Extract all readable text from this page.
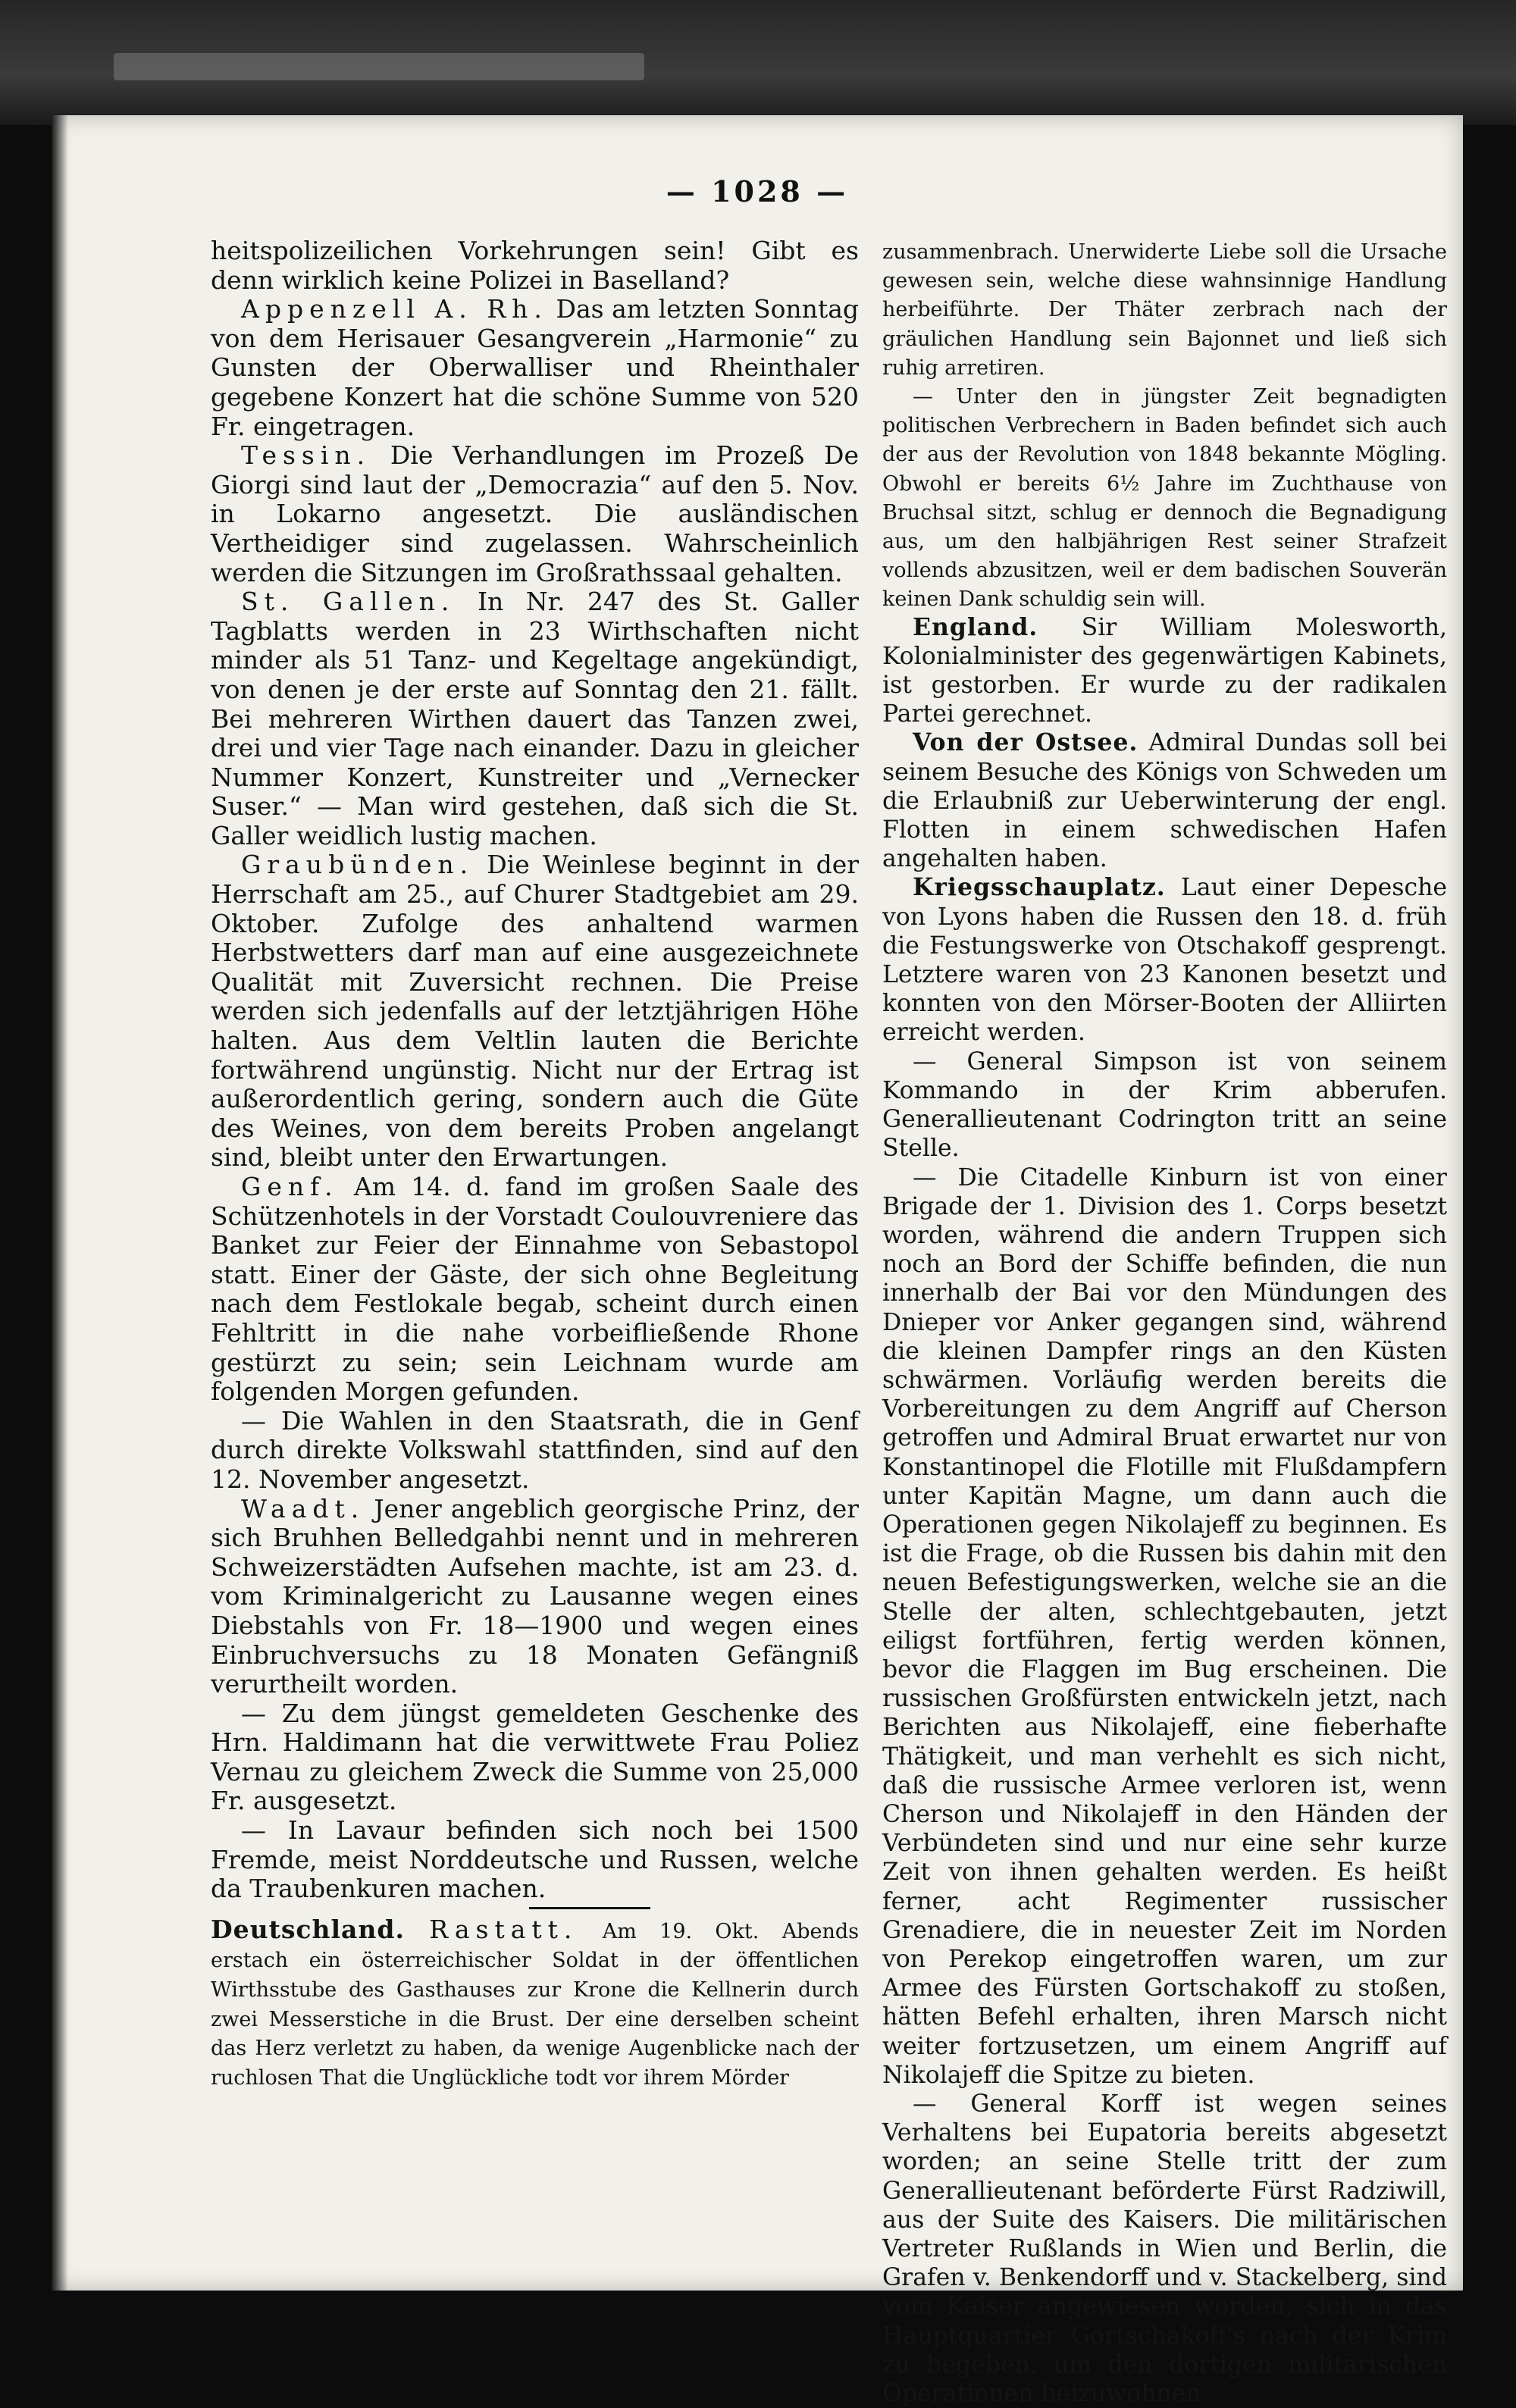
— 1028 —

heitspolizeilichen Vorkehrungen sein! Gibt es denn wirklich keine Polizei in Baselland?

Appenzell A. Rh. Das am letzten Sonntag von dem Herisauer Gesangverein „Harmonie“ zu Gunsten der Oberwalliser und Rheinthaler gegebene Konzert hat die schöne Summe von 520 Fr. eingetragen.

Tessin. Die Verhandlungen im Prozeß De Giorgi sind laut der „Democrazia“ auf den 5. Nov. in Lokarno angesetzt. Die ausländischen Vertheidiger sind zugelassen. Wahrscheinlich werden die Sitzungen im Großrathssaal gehalten.

St. Gallen. In Nr. 247 des St. Galler Tagblatts werden in 23 Wirthschaften nicht minder als 51 Tanz- und Kegeltage angekündigt, von denen je der erste auf Sonntag den 21. fällt. Bei mehreren Wirthen dauert das Tanzen zwei, drei und vier Tage nach einander. Dazu in gleicher Nummer Konzert, Kunstreiter und „Vernecker Suser.“ — Man wird gestehen, daß sich die St. Galler weidlich lustig machen.

Graubünden. Die Weinlese beginnt in der Herrschaft am 25., auf Churer Stadtgebiet am 29. Oktober. Zufolge des anhaltend warmen Herbstwetters darf man auf eine ausgezeichnete Qualität mit Zuversicht rechnen. Die Preise werden sich jedenfalls auf der letztjährigen Höhe halten. Aus dem Veltlin lauten die Berichte fortwährend ungünstig. Nicht nur der Ertrag ist außerordentlich gering, sondern auch die Güte des Weines, von dem bereits Proben angelangt sind, bleibt unter den Erwartungen.

Genf. Am 14. d. fand im großen Saale des Schützenhotels in der Vorstadt Coulouvreniere das Banket zur Feier der Einnahme von Sebastopol statt. Einer der Gäste, der sich ohne Begleitung nach dem Festlokale begab, scheint durch einen Fehltritt in die nahe vorbeifließende Rhone gestürzt zu sein; sein Leichnam wurde am folgenden Morgen gefunden.

— Die Wahlen in den Staatsrath, die in Genf durch direkte Volkswahl stattfinden, sind auf den 12. November angesetzt.

Waadt. Jener angeblich georgische Prinz, der sich Bruhhen Belledgahbi nennt und in mehreren Schweizerstädten Aufsehen machte, ist am 23. d. vom Kriminalgericht zu Lausanne wegen eines Diebstahls von Fr. 18—1900 und wegen eines Einbruchversuchs zu 18 Monaten Gefängniß verurtheilt worden.

— Zu dem jüngst gemeldeten Geschenke des Hrn. Haldimann hat die verwittwete Frau Poliez Vernau zu gleichem Zweck die Summe von 25,000 Fr. ausgesetzt.

— In Lavaur befinden sich noch bei 1500 Fremde, meist Norddeutsche und Russen, welche da Traubenkuren machen.

Deutschland. Rastatt. Am 19. Okt. Abends erstach ein österreichischer Soldat in der öffentlichen Wirthsstube des Gasthauses zur Krone die Kellnerin durch zwei Messerstiche in die Brust. Der eine derselben scheint das Herz verletzt zu haben, da wenige Augenblicke nach der ruchlosen That die Unglückliche todt vor ihrem Mörder

zusammenbrach. Unerwiderte Liebe soll die Ursache gewesen sein, welche diese wahnsinnige Handlung herbeiführte. Der Thäter zerbrach nach der gräulichen Handlung sein Bajonnet und ließ sich ruhig arretiren.

— Unter den in jüngster Zeit begnadigten politischen Verbrechern in Baden befindet sich auch der aus der Revolution von 1848 bekannte Mögling. Obwohl er bereits 6½ Jahre im Zuchthause von Bruchsal sitzt, schlug er dennoch die Begnadigung aus, um den halbjährigen Rest seiner Strafzeit vollends abzusitzen, weil er dem badischen Souverän keinen Dank schuldig sein will.

England. Sir William Molesworth, Kolonialminister des gegenwärtigen Kabinets, ist gestorben. Er wurde zu der radikalen Partei gerechnet.

Von der Ostsee. Admiral Dundas soll bei seinem Besuche des Königs von Schweden um die Erlaubniß zur Ueberwinterung der engl. Flotten in einem schwedischen Hafen angehalten haben.

Kriegsschauplatz. Laut einer Depesche von Lyons haben die Russen den 18. d. früh die Festungswerke von Otschakoff gesprengt. Letztere waren von 23 Kanonen besetzt und konnten von den Mörser-Booten der Alliirten erreicht werden.

— General Simpson ist von seinem Kommando in der Krim abberufen. Generallieutenant Codrington tritt an seine Stelle.

— Die Citadelle Kinburn ist von einer Brigade der 1. Division des 1. Corps besetzt worden, während die andern Truppen sich noch an Bord der Schiffe befinden, die nun innerhalb der Bai vor den Mündungen des Dnieper vor Anker gegangen sind, während die kleinen Dampfer rings an den Küsten schwärmen. Vorläufig werden bereits die Vorbereitungen zu dem Angriff auf Cherson getroffen und Admiral Bruat erwartet nur von Konstantinopel die Flotille mit Flußdampfern unter Kapitän Magne, um dann auch die Operationen gegen Nikolajeff zu beginnen. Es ist die Frage, ob die Russen bis dahin mit den neuen Befestigungswerken, welche sie an die Stelle der alten, schlechtgebauten, jetzt eiligst fortführen, fertig werden können, bevor die Flaggen im Bug erscheinen. Die russischen Großfürsten entwickeln jetzt, nach Berichten aus Nikolajeff, eine fieberhafte Thätigkeit, und man verhehlt es sich nicht, daß die russische Armee verloren ist, wenn Cherson und Nikolajeff in den Händen der Verbündeten sind und nur eine sehr kurze Zeit von ihnen gehalten werden. Es heißt ferner, acht Regimenter russischer Grenadiere, die in neuester Zeit im Norden von Perekop eingetroffen waren, um zur Armee des Fürsten Gortschakoff zu stoßen, hätten Befehl erhalten, ihren Marsch nicht weiter fortzusetzen, um einem Angriff auf Nikolajeff die Spitze zu bieten.

— General Korff ist wegen seines Verhaltens bei Eupatoria bereits abgesetzt worden; an seine Stelle tritt der zum Generallieutenant beförderte Fürst Radziwill, aus der Suite des Kaisers. Die militärischen Vertreter Rußlands in Wien und Berlin, die Grafen v. Benkendorff und v. Stackelberg, sind vom Kaiser angewiesen worden, sich in das Hauptquartier Gortschakoff's nach der Krim zu begeben, um den dortigen militärischen Operationen beizuwohnen.
